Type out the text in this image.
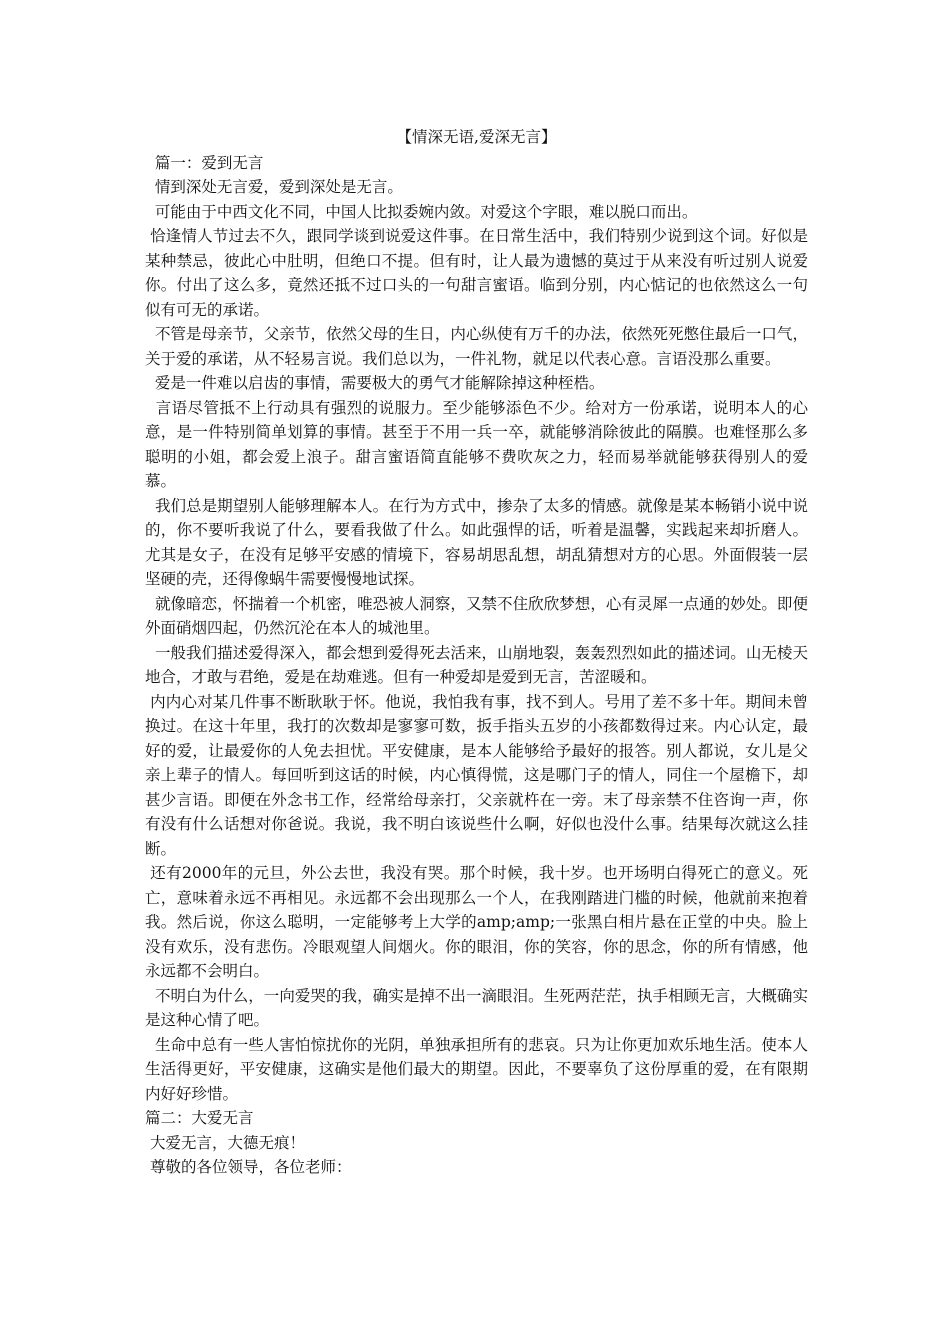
【情深无语,爱深无言】

篇一：爱到无言

情到深处无言爱，爱到深处是无言。

可能由于中西文化不同，中国人比拟委婉内敛。对爱这个字眼，难以脱口而出。

恰逢情人节过去不久，跟同学谈到说爱这件事。在日常生活中，我们特别少说到这个词。好似是某种禁忌，彼此心中肚明，但绝口不提。但有时，让人最为遗憾的莫过于从来没有听过别人说爱你。付出了这么多，竟然还抵不过口头的一句甜言蜜语。临到分别，内心惦记的也依然这么一句似有可无的承诺。

不管是母亲节，父亲节，依然父母的生日，内心纵使有万千的办法，依然死死憋住最后一口气，关于爱的承诺，从不轻易言说。我们总以为，一件礼物，就足以代表心意。言语没那么重要。

爱是一件难以启齿的事情，需要极大的勇气才能解除掉这种桎梏。

言语尽管抵不上行动具有强烈的说服力。至少能够添色不少。给对方一份承诺，说明本人的心意，是一件特别简单划算的事情。甚至于不用一兵一卒，就能够消除彼此的隔膜。也难怪那么多聪明的小姐，都会爱上浪子。甜言蜜语简直能够不费吹灰之力，轻而易举就能够获得别人的爱慕。

我们总是期望别人能够理解本人。在行为方式中，掺杂了太多的情感。就像是某本畅销小说中说的，你不要听我说了什么，要看我做了什么。如此强悍的话，听着是温馨，实践起来却折磨人。尤其是女子，在没有足够平安感的情境下，容易胡思乱想，胡乱猜想对方的心思。外面假装一层坚硬的壳，还得像蜗牛需要慢慢地试探。

就像暗恋，怀揣着一个机密，唯恐被人洞察，又禁不住欣欣梦想，心有灵犀一点通的妙处。即便外面硝烟四起，仍然沉沦在本人的城池里。

一般我们描述爱得深入，都会想到爱得死去活来，山崩地裂，轰轰烈烈如此的描述词。山无棱天地合，才敢与君绝，爱是在劫难逃。但有一种爱却是爱到无言，苦涩暖和。

内内心对某几件事不断耿耿于怀。他说，我怕我有事，找不到人。号用了差不多十年。期间未曾换过。在这十年里，我打的次数却是寥寥可数，扳手指头五岁的小孩都数得过来。内心认定，最好的爱，让最爱你的人免去担忧。平安健康，是本人能够给予最好的报答。别人都说，女儿是父亲上辈子的情人。每回听到这话的时候，内心慎得慌，这是哪门子的情人，同住一个屋檐下，却甚少言语。即便在外念书工作，经常给母亲打，父亲就杵在一旁。末了母亲禁不住咨询一声，你有没有什么话想对你爸说。我说，我不明白该说些什么啊，好似也没什么事。结果每次就这么挂断。

还有2000年的元旦，外公去世，我没有哭。那个时候，我十岁。也开场明白得死亡的意义。死亡，意味着永远不再相见。永远都不会出现那么一个人，在我刚踏进门槛的时候，他就前来抱着我。然后说，你这么聪明，一定能够考上大学的amp;amp;一张黑白相片悬在正堂的中央。脸上没有欢乐，没有悲伤。冷眼观望人间烟火。你的眼泪，你的笑容，你的思念，你的所有情感，他永远都不会明白。

不明白为什么，一向爱哭的我，确实是掉不出一滴眼泪。生死两茫茫，执手相顾无言，大概确实是这种心情了吧。

生命中总有一些人害怕惊扰你的光阴，单独承担所有的悲哀。只为让你更加欢乐地生活。使本人生活得更好，平安健康，这确实是他们最大的期望。因此，不要辜负了这份厚重的爱，在有限期内好好珍惜。

篇二：大爱无言

大爱无言，大德无痕！

尊敬的各位领导，各位老师：
